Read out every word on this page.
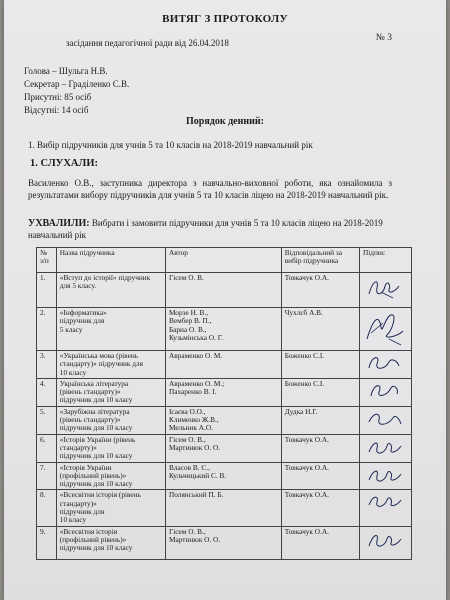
ВИТЯГ З ПРОТОКОЛУ
№ 3
засідання педагогічної ради від 26.04.2018
Голова – Шульга Н.В.
Секретар – Граділенко С.В.
Присутні: 85 осіб
Відсутні: 14 осіб
Порядок денний:
1. Вибір підручників для учнів 5 та 10 класів на 2018-2019 навчальний рік
1. СЛУХАЛИ:
Василенко О.В., заступника директора з навчально-виховної роботи, яка ознайомила з результатами вибору підручників для учнів 5 та 10 класів ліцею на 2018-2019 навчальний рік.
УХВАЛИЛИ: Вибрати і замовити підручники для учнів 5 та 10 класів ліцею на 2018-2019 навчальний рік
№ з/п	Назва підручника	Автор	Відповідальний за вибір підручника	Підпис
1.	«Вступ до історії» підручник для 5 класу.	Гісем О. В.	Товкачук О.А.	

2.	«Інформатика»
підручник для
5 класу	Морзе Н. В.,
Вембер В. П.,
Барна О. В.,
Кузьмінська О. Г.	Чухлєб А.В.	

3.	«Українська мова (рівень стандарту)» підручник для
10 класу	Авраменко О. М.	Боженко С.І.	

4.	Українська література
(рівень стандарту)»
підручник для 10 класу	Авраменко О. М.;
Пахаренко В. І.	Боженко С.І.	

5.	«Зарубіжна література
(рівень стандарту)»
підручник для 10 класу	Ісаєва О.О.,
Клименко Ж.В.,
Мельник А.О.	Дудка Н.Г.	

6.	«Історія України (рівень стандарту)»
підручник для 10 класу	Гісем О. В.,
Мартинюк О. О.	Товкачук О.А.	

7.	«Історія України
(профільний рівень)»
підручник для 10 класу	Власов В. С.,
Кульчицький С. В.	Товкачук О.А.	

8.	«Всесвітня історія (рівень стандарту)»
підручник для
10 класу	Полянський П. Б.	Товкачук О.А.	

9.	«Всесвітня історія
(профільний рівень)»
підручник для 10 класу	Гісем О. В.,
Мартинюк О. О.	Товкачук О.А.	
